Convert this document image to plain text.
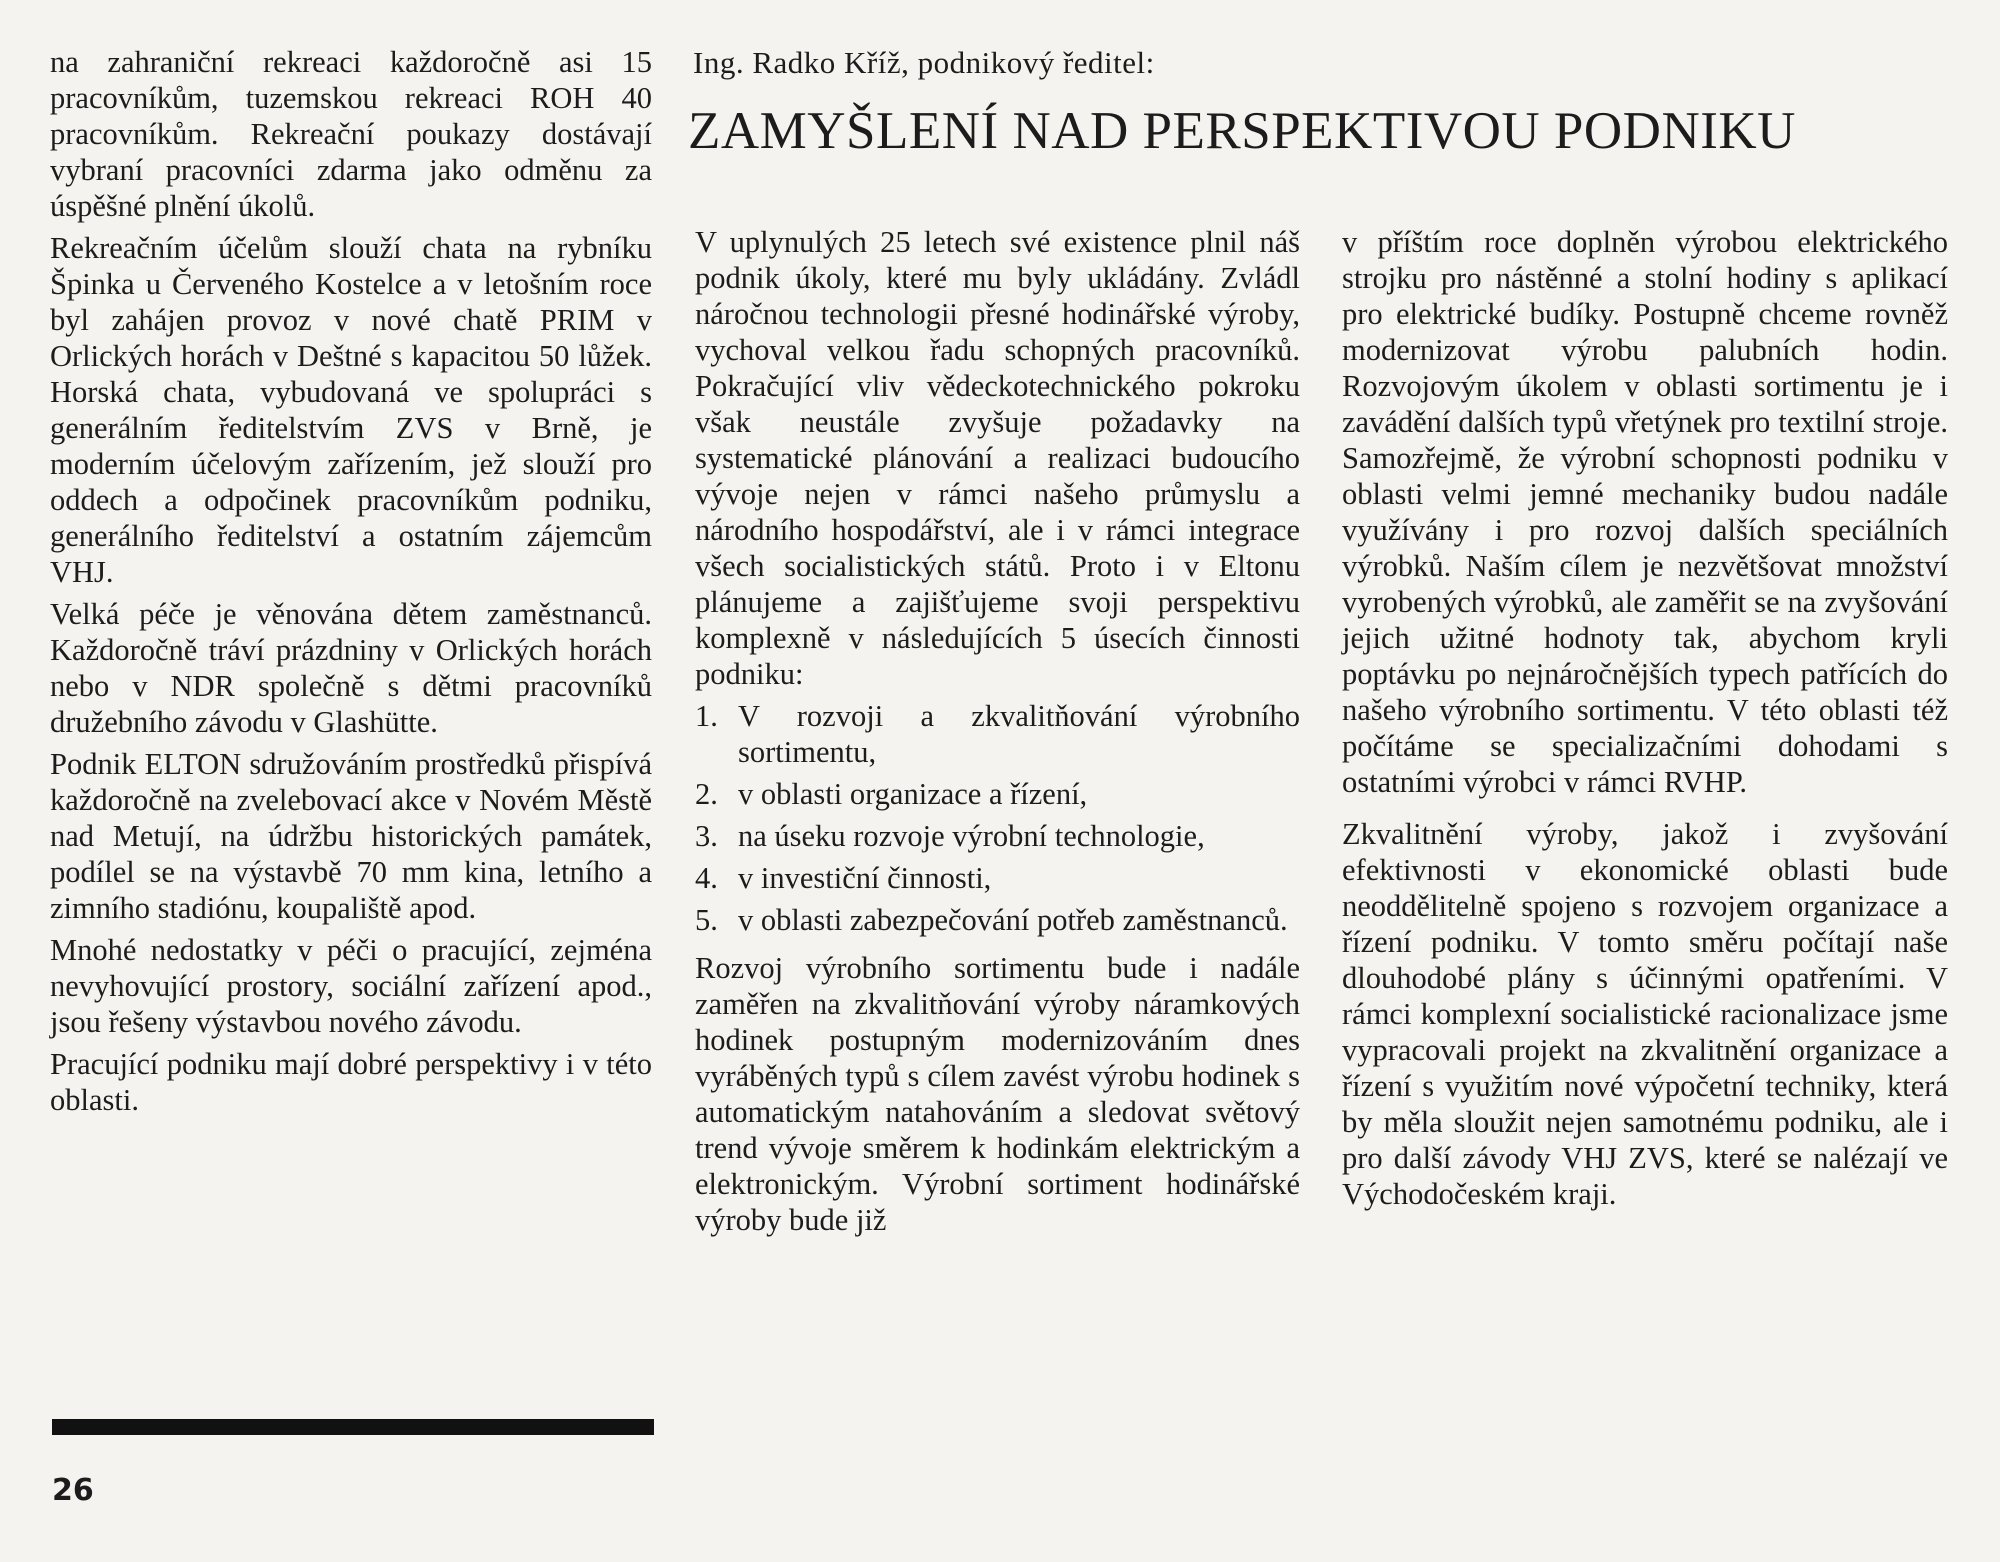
na zahraniční rekreaci každoročně asi 15 pracovníkům, tuzemskou rekreaci ROH 40 pracovníkům. Rekreační poukazy dostávají vybraní pracovníci zdarma jako odměnu za úspěšné plnění úkolů.

Rekreačním účelům slouží chata na rybníku Špinka u Červeného Kostelce a v letošním roce byl zahájen provoz v nové chatě PRIM v Orlických horách v Deštné s kapacitou 50 lůžek. Horská chata, vybudovaná ve spolupráci s generálním ředitelstvím ZVS v Brně, je moderním účelovým zařízením, jež slouží pro oddech a odpočinek pracovníkům podniku, generálního ředitelství a ostatním zájemcům VHJ.

Velká péče je věnována dětem zaměstnanců. Každoročně tráví prázdniny v Orlických horách nebo v NDR společně s dětmi pracovníků družebního závodu v Glashütte.

Podnik ELTON sdružováním prostředků přispívá každoročně na zvelebovací akce v Novém Městě nad Metují, na údržbu historických památek, podílel se na výstavbě 70 mm kina, letního a zimního stadiónu, koupaliště apod.

Mnohé nedostatky v péči o pracující, zejména nevyhovující prostory, sociální zařízení apod., jsou řešeny výstavbou nového závodu.

Pracující podniku mají dobré perspektivy i v této oblasti.

26
Ing. Radko Kříž, podnikový ředitel:
ZAMYŠLENÍ NAD PERSPEKTIVOU PODNIKU

V uplynulých 25 letech své existence plnil náš podnik úkoly, které mu byly ukládány. Zvládl náročnou technologii přesné hodinářské výroby, vychoval velkou řadu schopných pracovníků. Pokračující vliv vědeckotechnického pokroku však neustále zvyšuje požadavky na systematické plánování a realizaci budoucího vývoje nejen v rámci našeho průmyslu a národního hospodářství, ale i v rámci integrace všech socialistických států. Proto i v Eltonu plánujeme a zajišťujeme svoji perspektivu komplexně v následujících 5 úsecích činnosti podniku:

1. V rozvoji a zkvalitňování výrobního sortimentu,
2. v oblasti organizace a řízení,
3. na úseku rozvoje výrobní technologie,
4. v investiční činnosti,
5. v oblasti zabezpečování potřeb zaměstnanců.

Rozvoj výrobního sortimentu bude i nadále zaměřen na zkvalitňování výroby náramkových hodinek postupným modernizováním dnes vyráběných typů s cílem zavést výrobu hodinek s automatickým natahováním a sledovat světový trend vývoje směrem k hodinkám elektrickým a elektronickým. Výrobní sortiment hodinářské výroby bude již

v příštím roce doplněn výrobou elektrického strojku pro nástěnné a stolní hodiny s aplikací pro elektrické budíky. Postupně chceme rovněž modernizovat výrobu palubních hodin. Rozvojovým úkolem v oblasti sortimentu je i zavádění dalších typů vřetýnek pro textilní stroje. Samozřejmě, že výrobní schopnosti podniku v oblasti velmi jemné mechaniky budou nadále využívány i pro rozvoj dalších speciálních výrobků. Naším cílem je nezvětšovat množství vyrobených výrobků, ale zaměřit se na zvyšování jejich užitné hodnoty tak, abychom kryli poptávku po nejnáročnějších typech patřících do našeho výrobního sortimentu. V této oblasti též počítáme se specializačními dohodami s ostatními výrobci v rámci RVHP.

Zkvalitnění výroby, jakož i zvyšování efektivnosti v ekonomické oblasti bude neoddělitelně spojeno s rozvojem organizace a řízení podniku. V tomto směru počítají naše dlouhodobé plány s účinnými opatřeními. V rámci komplexní socialistické racionalizace jsme vypracovali projekt na zkvalitnění organizace a řízení s využitím nové výpočetní techniky, která by měla sloužit nejen samotnému podniku, ale i pro další závody VHJ ZVS, které se nalézají ve Východočeském kraji.
